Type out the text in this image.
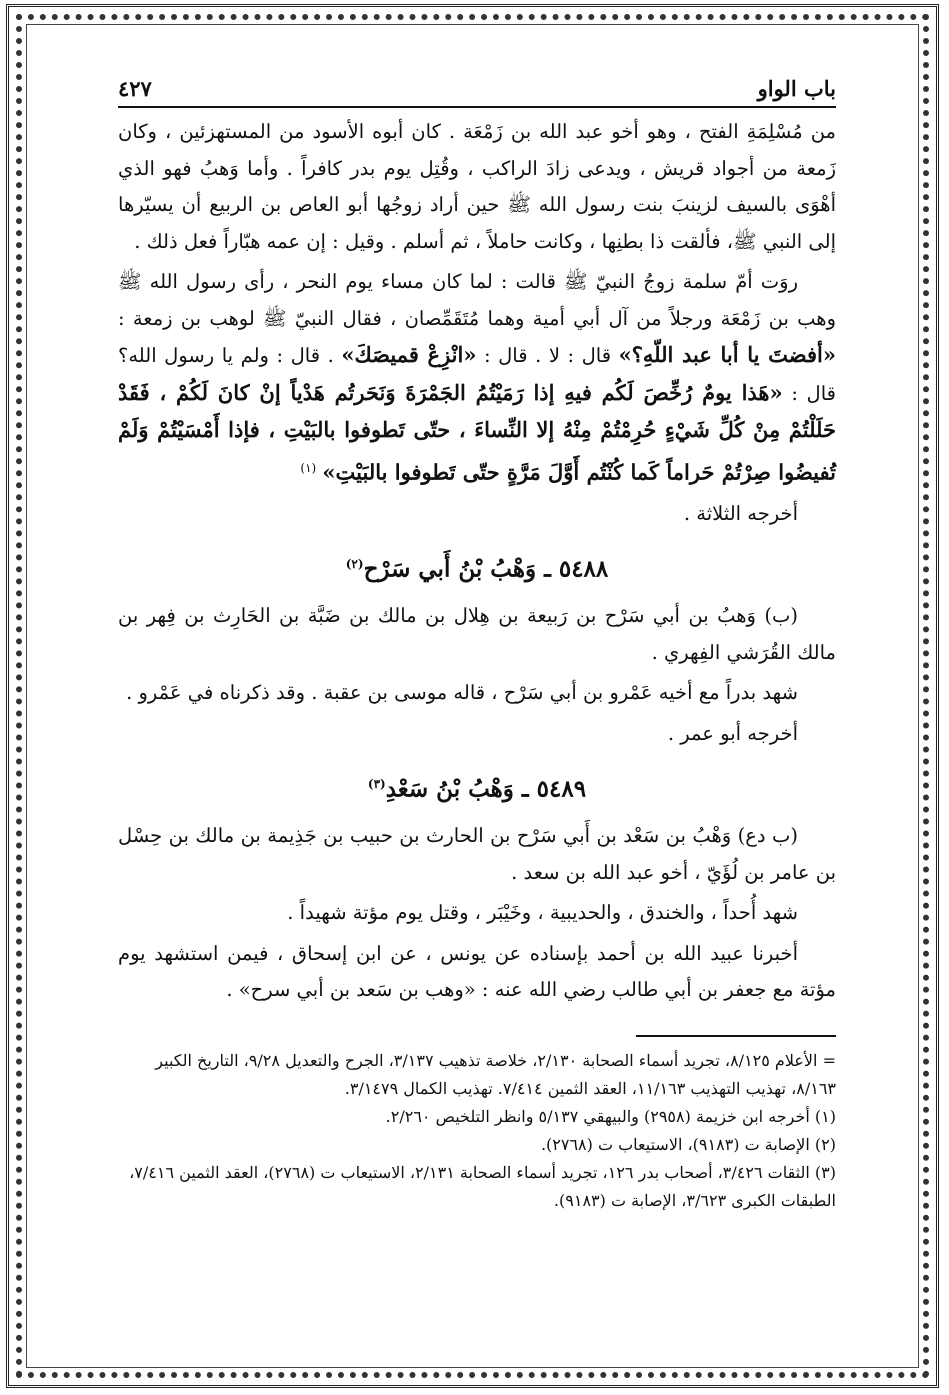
باب الواو
٤٢٧

من مُسْلِمَةِ الفتح ، وهو أخو عبد الله بن زَمْعَة . كان أبوه الأسود من المستهزئين ، وكان زَمعة من أجواد قريش ، ويدعى زادَ الراكب ، وقُتِل يوم بدر كافراً . وأما وَهبُ فهو الذي أهْوَى بالسيف لزينبَ بنت رسول الله ﷺ حين أراد زوجُها أبو العاص بن الربيع أن يسيّرها إلى النبي ﷺ، فألقت ذا بطنِها ، وكانت حاملاً ، ثم أسلم . وقيل : إن عمه هبّاراً فعل ذلك .

روَت أمّ سلمة زوجُ النبيّ ﷺ قالت : لما كان مساء يوم النحر ، رأى رسول الله ﷺ وهب بن زَمْعَة ورجلاً من آل أبي أمية وهما مُتَقَمِّصان ، فقال النبيّ ﷺ لوهب بن زمعة : «أفضتَ يا أبا عبد اللّهِ؟» قال : لا . قال : «انْزِعْ قميصَكَ» . قال : ولم يا رسول الله؟ قال : «هَذا يومٌ رُخِّصَ لَكُم فيهِ إذا رَمَيْتُمُ الجَمْرَةَ وَنَحَرتُم هَدْياً إنْ كانَ لَكُمْ ، فَقَدْ حَلَلْتُمْ مِنْ كُلِّ شَيْءٍ حُرِمْتُمْ مِنْهُ إلا النِّساءَ ، حتّى تَطوفوا بالبَيْتِ ، فإذا أَمْسَيْتُمْ وَلَمْ تُفيضُوا صِرْتُمْ حَراماً كَما كُنْتُم أَوَّلَ مَرَّةٍ حتّى تَطوفوا بالبَيْتِ» $^{(١)}$

أخرجه الثلاثة .

٥٤٨٨ ـ وَهْبُ بْنُ أَبي سَرْح$^{(٢)}$

(ب) وَهبُ بن أبي سَرْح بن رَبيعة بن هِلال بن مالك بن ضَبَّة بن الحَارِث بن فِهر بن مالك القُرَشي الفِهري .

شهد بدراً مع أخيه عَمْرو بن أبي سَرْح ، قاله موسى بن عقبة . وقد ذكرناه في عَمْرو .

أخرجه أبو عمر .

٥٤٨٩ ـ وَهْبُ بْنُ سَعْدِ$^{(٣)}$

(ب دع) وَهْبُ بن سَعْد بن أَبي سَرْح بن الحارث بن حبيب بن جَذِيمة بن مالك بن حِسْل بن عامر بن لُؤَيّ ، أخو عبد الله بن سعد .

شهد أُحداً ، والخندق ، والحديبية ، وخَيْبَر ، وقتل يوم مؤتة شهيداً .

أخبرنا عبيد الله بن أحمد بإسناده عن يونس ، عن ابن إسحاق ، فيمن استشهد يوم مؤتة مع جعفر بن أبي طالب رضي الله عنه : «وهب بن سَعد بن أبي سرح» .

= الأعلام ٨/١٢٥، تجريد أسماء الصحابة ٢/١٣٠، خلاصة تذهيب ٣/١٣٧، الجرح والتعديل ٩/٢٨، التاريخ الكبير ٨/١٦٣، تهذيب التهذيب ١١/١٦٣، العقد الثمين ٧/٤١٤. تهذيب الكمال ٣/١٤٧٩.
(١) أخرجه ابن خزيمة (٢٩٥٨) والبيهقي ٥/١٣٧ وانظر التلخيص ٢/٢٦٠.
(٢) الإصابة ت (٩١٨٣)، الاستيعاب ت (٢٧٦٨).
(٣) الثقات ٣/٤٢٦، أصحاب بدر ١٢٦، تجريد أسماء الصحابة ٢/١٣١، الاستيعاب ت (٢٧٦٨)، العقد الثمين ٧/٤١٦، الطبقات الكبرى ٣/٦٢٣، الإصابة ت (٩١٨٣).
